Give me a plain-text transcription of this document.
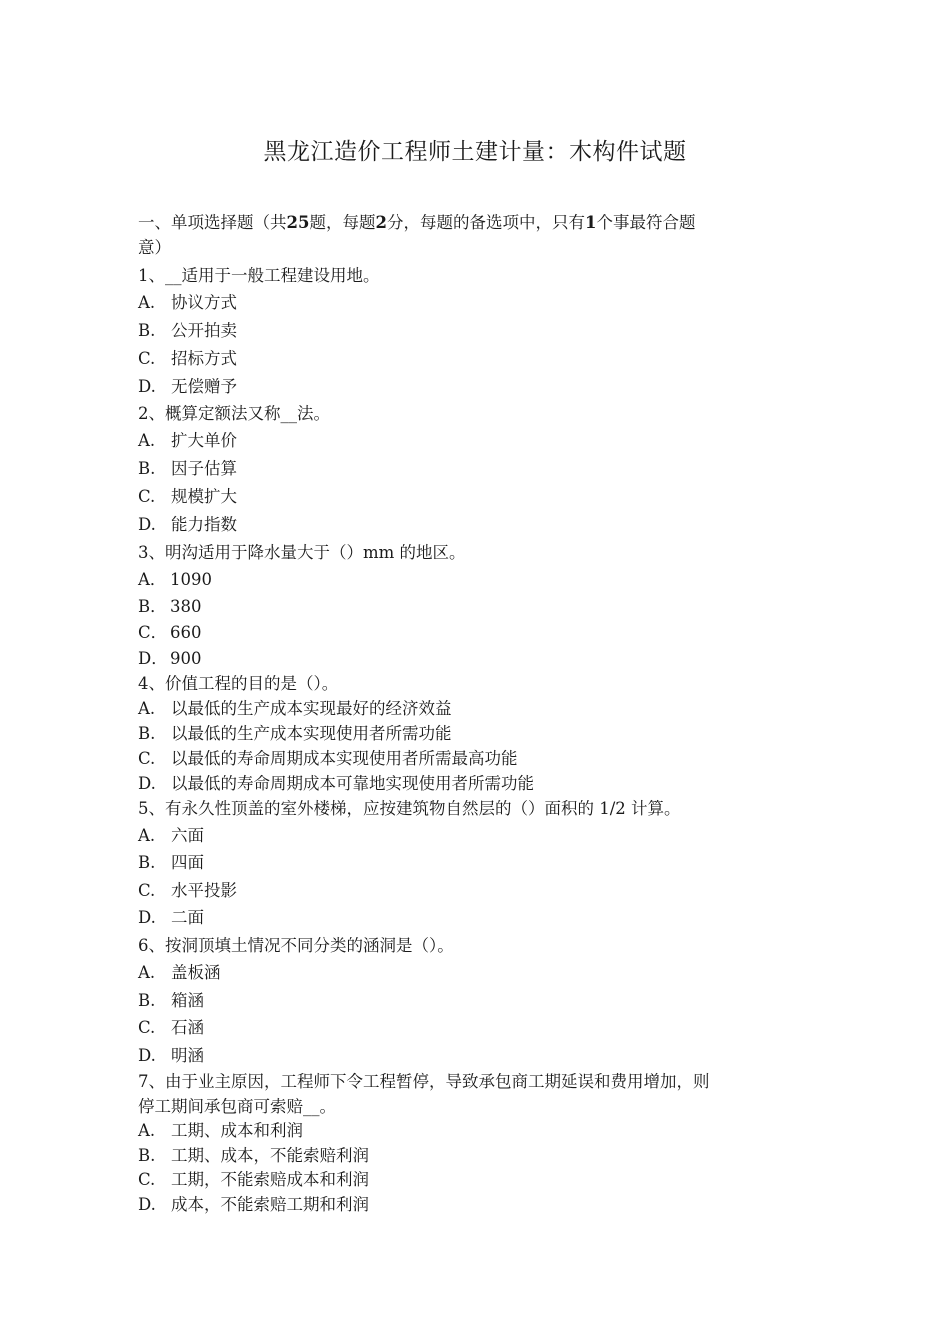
黑龙江造价工程师土建计量：木构件试题
一、单项选择题（共25题，每题2分，每题的备选项中，只有1个事最符合题
意）
1、__适用于一般工程建设用地。
A. 协议方式
B. 公开拍卖
C. 招标方式
D. 无偿赠予
2、概算定额法又称__法。
A. 扩大单价
B. 因子估算
C. 规模扩大
D. 能力指数
3、明沟适用于降水量大于（）mm 的地区。
A． 1090
B． 380
C． 660
D． 900
4、价值工程的目的是（）。
A. 以最低的生产成本实现最好的经济效益
B. 以最低的生产成本实现使用者所需功能
C. 以最低的寿命周期成本实现使用者所需最高功能
D. 以最低的寿命周期成本可靠地实现使用者所需功能
5、有永久性顶盖的室外楼梯，应按建筑物自然层的（）面积的 1/2 计算。
A. 六面
B. 四面
C. 水平投影
D. 二面
6、按洞顶填土情况不同分类的涵洞是（）。
A. 盖板涵
B. 箱涵
C. 石涵
D. 明涵
7、由于业主原因，工程师下令工程暂停，导致承包商工期延误和费用增加，则
停工期间承包商可索赔__。
A. 工期、成本和利润
B. 工期、成本，不能索赔利润
C. 工期，不能索赔成本和利润
D. 成本，不能索赔工期和利润
